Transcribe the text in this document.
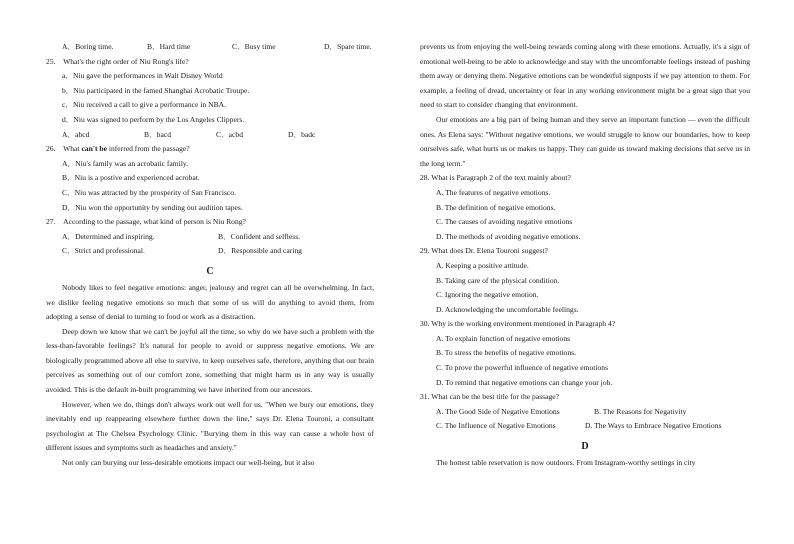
A．Boring time.	B．Hard time	C．Busy time	D．Spare time.
25.　What's the right order of Niu Rong's life?
a．Niu gave the performances in Walt Disney World
b．Niu participated in the famed Shanghai Acrobatic Troupe.
c．Niu received a call to give a performance in NBA.
d．Niu was signed to perform by the Los Angeles Clippers.
A．abcd	B．bacd	C．acbd	D．badc
26.　What can't be inferred from the passage?
A．Niu's family was an acrobatic family.
B．Niu is a postive and experienced acrobat.
C．Niu was attracted by the prosperity of San Francisco.
D．Niu won the opportunity by sending out audition tapes.
27.　According to the passage, what kind of person is Niu Rong?
A．Determined and inspiring.	B．Confident and selfless.
C．Strict and professional.	D．Responsible and caring
C

Nobody likes to feel negative emotions: anger, jealousy and regret can all be overwhelming. In fact, we dislike feeling negative emotions so much that some of us will do anything to avoid them, from adopting a sense of denial to turning to food or work as a distraction.

Deep down we know that we can't be joyful all the time, so why do we have such a problem with the less-than-favorable feelings? It's natural for people to avoid or suppress negative emotions. We are biologically programmed above all else to survive, to keep ourselves safe, therefore, anything that our brain perceives as something out of our comfort zone, something that might harm us in any way is usually avoided. This is the default in-built programming we have inherited from our ancestors.

However, when we do, things don't always work out well for us. "When we bury our emotions, they inevitably end up reappearing elsewhere further down the line," says Dr. Elena Touroni, a consultant psychologist at The Chelsea Psychology Clinic. "Burying them in this way can cause a whole host of different issues and symptoms such as headaches and anxiety."

Not only can burying our less-desirable emotions impact our well-being, but it also

prevents us from enjoying the well-being rewards coming along with these emotions. Actually, it's a sign of emotional well-being to be able to acknowledge and stay with the uncomfortable feelings instead of pushing them away or denying them. Negative emotions can be wonderful signposts if we pay attention to them. For example, a feeling of dread, uncertainty or fear in any working environment might be a great sign that you need to start to consider changing that environment.

Our emotions are a big part of being human and they serve an important function — even the difficult ones. As Elena says: "Without negative emotions, we would struggle to know our boundaries, how to keep ourselves safe, what hurts us or makes us happy. They can guide us toward making decisions that serve us in the long term."

28. What is Paragraph 2 of the text mainly about?
A. The features of negative emotions.
B. The definition of negative emotions.
C. The causes of avoiding negative emotions
D. The methods of avoiding negative emotions.
29. What does Dr. Elena Touroni suggest?
A. Keeping a positive attitude.
B. Taking care of the physical condition.
C. Ignoring the negative emotion.
D. Acknowledging the uncomfortable feelings.
30. Why is the working environment mentioned in Paragraph 4?
A. To explain function of negative emotions
B. To stress the benefits of negative emotions.
C. To prove the powerful influence of negative emotions
D. To remind that negative emotions can change your job.
31. What can be the best title for the passage?
A. The Good Side of Negative Emotions	B. The Reasons for Negativity
C. The Influence of Negative Emotions	D. The Ways to Embrace Negative Emotions
D

The hottest table reservation is now outdoors. From Instagram-worthy settings in city
